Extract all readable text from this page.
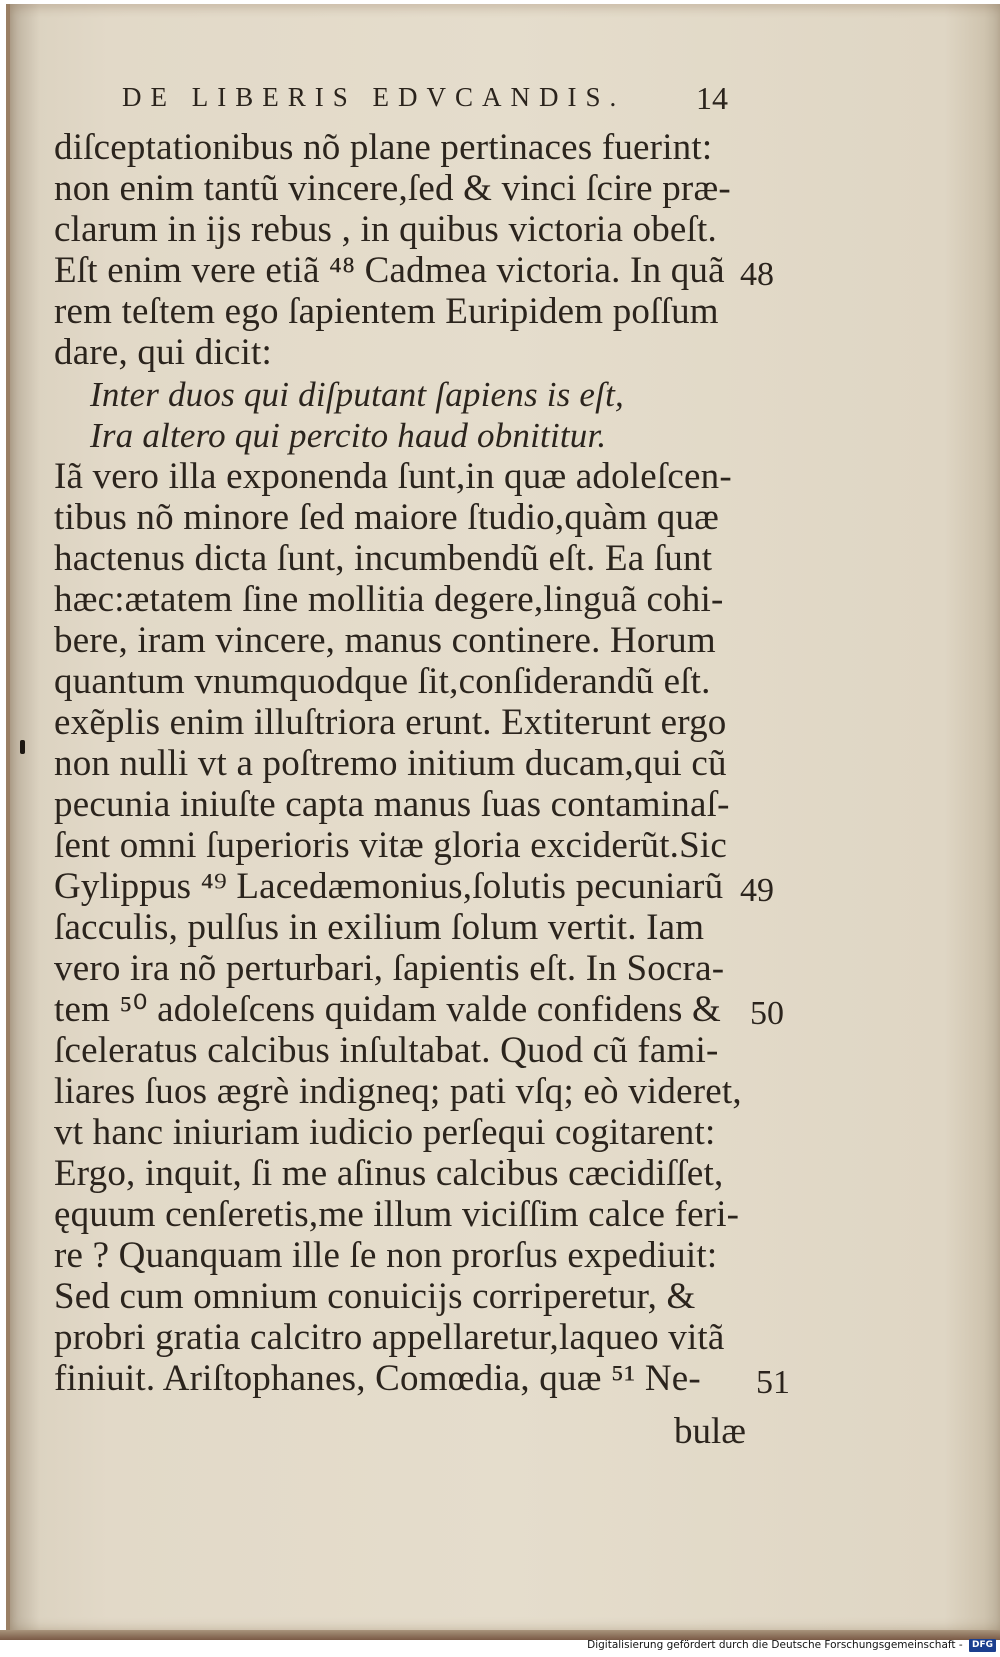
DE LIBERIS EDVCANDIS. 14
diſceptationibus nõ plane pertinaces fuerint:
non enim tantũ vincere,ſed & vinci ſcire præ-
clarum in ijs rebus , in quibus victoria obeſt.
Eſt enim vere etiã ⁴⁸ Cadmea victoria. In quã
rem teſtem ego ſapientem Euripidem poſſum
dare, qui dicit:
Inter duos qui diſputant ſapiens is eſt,
Ira altero qui percito haud obnititur.
Iã vero illa exponenda ſunt,in quæ adoleſcen-
tibus nõ minore ſed maiore ſtudio,quàm quæ
hactenus dicta ſunt, incumbendũ eſt. Ea ſunt
hæc:ætatem ſine mollitia degere,linguã cohi-
bere, iram vincere, manus continere. Horum
quantum vnumquodque ſit,conſiderandũ eſt.
exẽplis enim illuſtriora erunt. Extiterunt ergo
non nulli vt a poſtremo initium ducam,qui cũ
pecunia iniuſte capta manus ſuas contaminaſ-
ſent omni ſuperioris vitæ gloria exciderũt.Sic
Gylippus ⁴⁹ Lacedæmonius,ſolutis pecuniarũ
ſacculis, pulſus in exilium ſolum vertit. Iam
vero ira nõ perturbari, ſapientis eſt. In Socra-
tem ⁵⁰ adoleſcens quidam valde confidens &
ſceleratus calcibus inſultabat. Quod cũ fami-
liares ſuos ægrè indigneq; pati vſq; eò videret,
vt hanc iniuriam iudicio perſequi cogitarent:
Ergo, inquit, ſi me aſinus calcibus cæcidiſſet,
ęquum cenſeretis,me illum viciſſim calce feri-
re ? Quanquam ille ſe non prorſus expediuit:
Sed cum omnium conuicijs corriperetur, &
probri gratia calcitro appellaretur,laqueo vitã
finiuit. Ariſtophanes, Comœdia, quæ ⁵¹ Ne-
48
49
50
51
bulæ
Digitalisierung gefördert durch die Deutsche Forschungsgemeinschaft - DFG
